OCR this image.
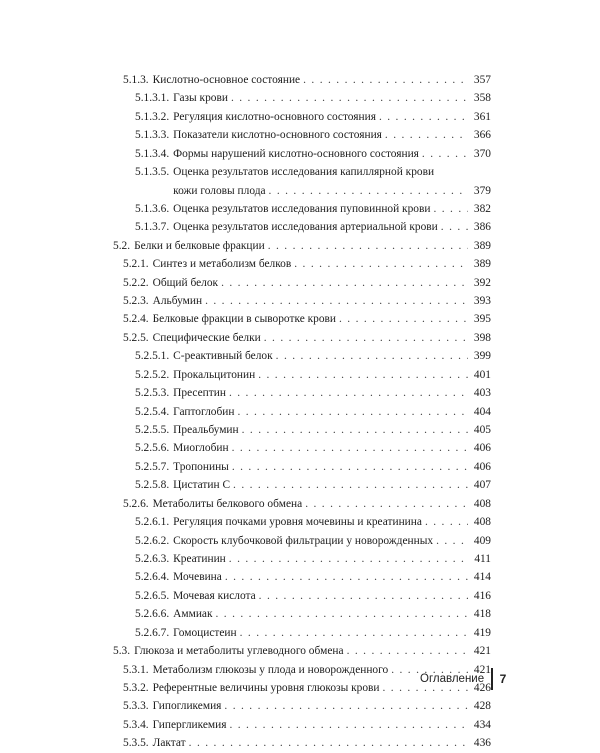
5.1.3. Кислотно-основное состояние . . .	357
5.1.3.1. Газы крови . . .	358
5.1.3.2. Регуляция кислотно-основного состояния . . .	361
5.1.3.3. Показатели кислотно-основного состояния . . .	366
5.1.3.4. Формы нарушений кислотно-основного состояния . . .	370
5.1.3.5. Оценка результатов исследования капиллярной крови
кожи головы плода . . .	379
5.1.3.6. Оценка результатов исследования пуповинной крови . . .	382
5.1.3.7. Оценка результатов исследования артериальной крови . . .	386
5.2. Белки и белковые фракции . . .	389
5.2.1. Синтез и метаболизм белков . . .	389
5.2.2. Общий белок . . .	392
5.2.3. Альбумин . . .	393
5.2.4. Белковые фракции в сыворотке крови . . .	395
5.2.5. Специфические белки . . .	398
5.2.5.1. С-реактивный белок . . .	399
5.2.5.2. Прокальцитонин . . .	401
5.2.5.3. Пресептин . . .	403
5.2.5.4. Гаптоглобин . . .	404
5.2.5.5. Преальбумин . . .	405
5.2.5.6. Миоглобин . . .	406
5.2.5.7. Тропонины . . .	406
5.2.5.8. Цистатин С . . .	407
5.2.6. Метаболиты белкового обмена . . .	408
5.2.6.1. Регуляция почками уровня мочевины и креатинина . . .	408
5.2.6.2. Скорость клубочковой фильтрации у новорожденных . . .	409
5.2.6.3. Креатинин . . .	411
5.2.6.4. Мочевина . . .	414
5.2.6.5. Мочевая кислота . . .	416
5.2.6.6. Аммиак . . .	418
5.2.6.7. Гомоцистеин . . .	419
5.3. Глюкоза и метаболиты углеводного обмена . . .	421
5.3.1. Метаболизм глюкозы у плода и новорожденного . . .	421
5.3.2. Референтные величины уровня глюкозы крови . . .	426
5.3.3. Гипогликемия . . .	428
5.3.4. Гипергликемия . . .	434
5.3.5. Лактат . . .	436
Оглавление 7
